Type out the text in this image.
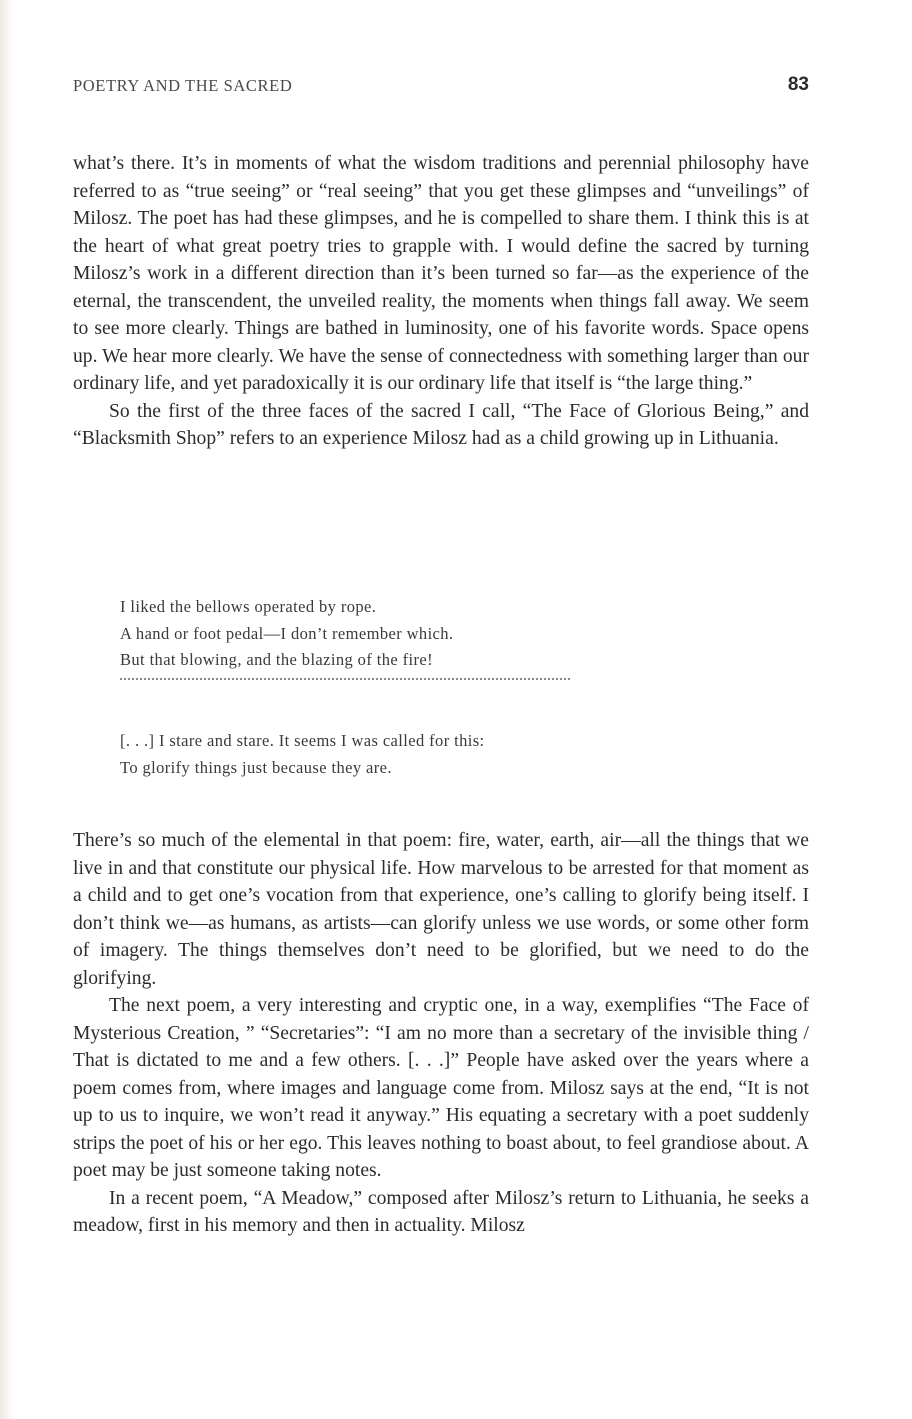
POETRY AND THE SACRED	83

what’s there. It’s in moments of what the wisdom traditions and perennial philosophy have referred to as “true seeing” or “real seeing” that you get these glimpses and “unveilings” of Milosz. The poet has had these glimpses, and he is compelled to share them. I think this is at the heart of what great poetry tries to grapple with. I would define the sacred by turning Milosz’s work in a different direction than it’s been turned so far—as the experience of the eternal, the transcendent, the unveiled reality, the moments when things fall away. We seem to see more clearly. Things are bathed in luminosity, one of his favorite words. Space opens up. We hear more clearly. We have the sense of connectedness with something larger than our ordinary life, and yet paradoxically it is our ordinary life that itself is “the large thing.”

So the first of the three faces of the sacred I call, “The Face of Glorious Being,” and “Blacksmith Shop” refers to an experience Milosz had as a child growing up in Lithuania.

I liked the bellows operated by rope.
A hand or foot pedal—I don’t remember which.
But that blowing, and the blazing of the fire!
[. . .] I stare and stare. It seems I was called for this:
To glorify things just because they are.

There’s so much of the elemental in that poem: fire, water, earth, air—all the things that we live in and that constitute our physical life. How marvelous to be arrested for that moment as a child and to get one’s vocation from that experience, one’s calling to glorify being itself. I don’t think we—as humans, as artists—can glorify unless we use words, or some other form of imagery. The things themselves don’t need to be glorified, but we need to do the glorifying.

The next poem, a very interesting and cryptic one, in a way, exemplifies “The Face of Mysterious Creation, ” “Secretaries”: “I am no more than a secretary of the invisible thing / That is dictated to me and a few others. [. . .]” People have asked over the years where a poem comes from, where images and language come from. Milosz says at the end, “It is not up to us to inquire, we won’t read it anyway.” His equating a secretary with a poet suddenly strips the poet of his or her ego. This leaves nothing to boast about, to feel grandiose about. A poet may be just someone taking notes.

In a recent poem, “A Meadow,” composed after Milosz’s return to Lithuania, he seeks a meadow, first in his memory and then in actuality. Milosz
